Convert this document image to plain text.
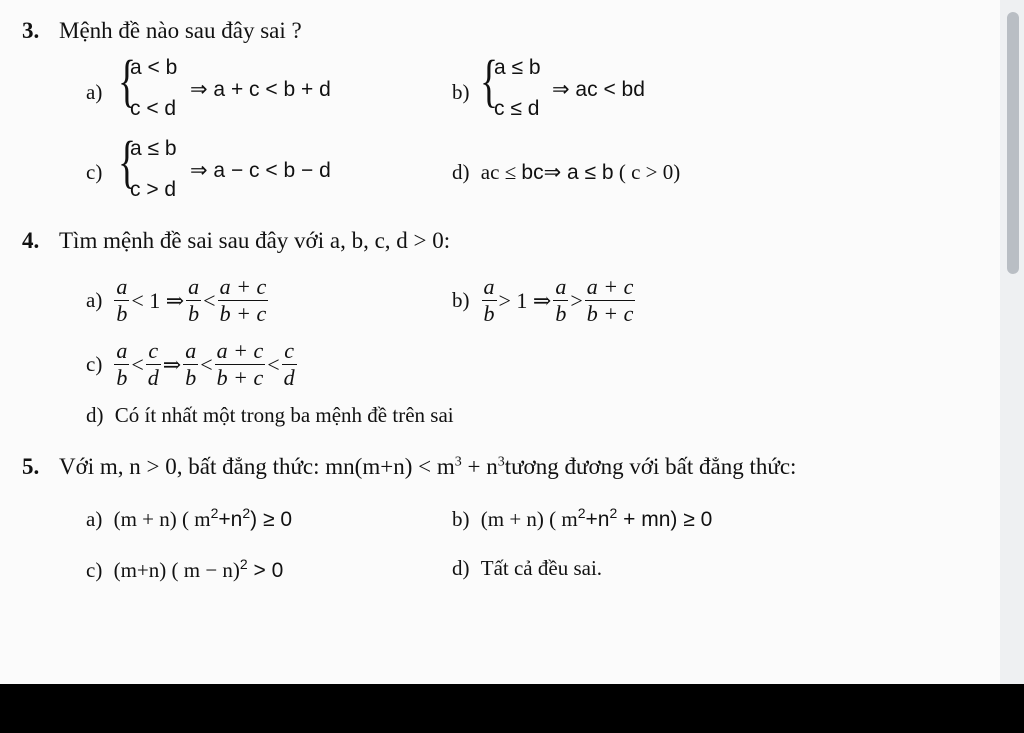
3. Mệnh đề nào sau đây sai ?
a) {
a < b
c < d
⇒ a + c < b + d	b) {
a ≤ b
c ≤ d
⇒ ac < bd
c) {
a ≤ b
c > d
⇒ a − c < b − d	d) ac ≤ bc⇒ a ≤ b ( c > 0)
4. Tìm mệnh đề sai sau đây với a, b, c, d > 0:
$a) \frac{a}{b} < 1$ ⇒ $\frac{a}{b} < \frac{a + c}{b + c}$	$b) \frac{a}{b} > 1$ ⇒ $\frac{a}{b} > \frac{a + c}{b + c}$
$c) \frac{a}{b} < \frac{c}{d}$ ⇒ $\frac{a}{b} < \frac{a + c}{b + c} < \frac{c}{d}$
d) Có ít nhất một trong ba mệnh đề trên sai
5. Với m, n > 0, bất đẳng thức: $mn(m+n) < m^3$ + $n^3tương$ đương với bất đẳng thức:
a) (m + n) ( $m^2+n^2) \ge 0$	b) (m + n) ( $m^2+n^2 + mn) \ge 0$
c) (m+n) ( m − n)$^2$ > 0	d) Tất cả đều sai.
